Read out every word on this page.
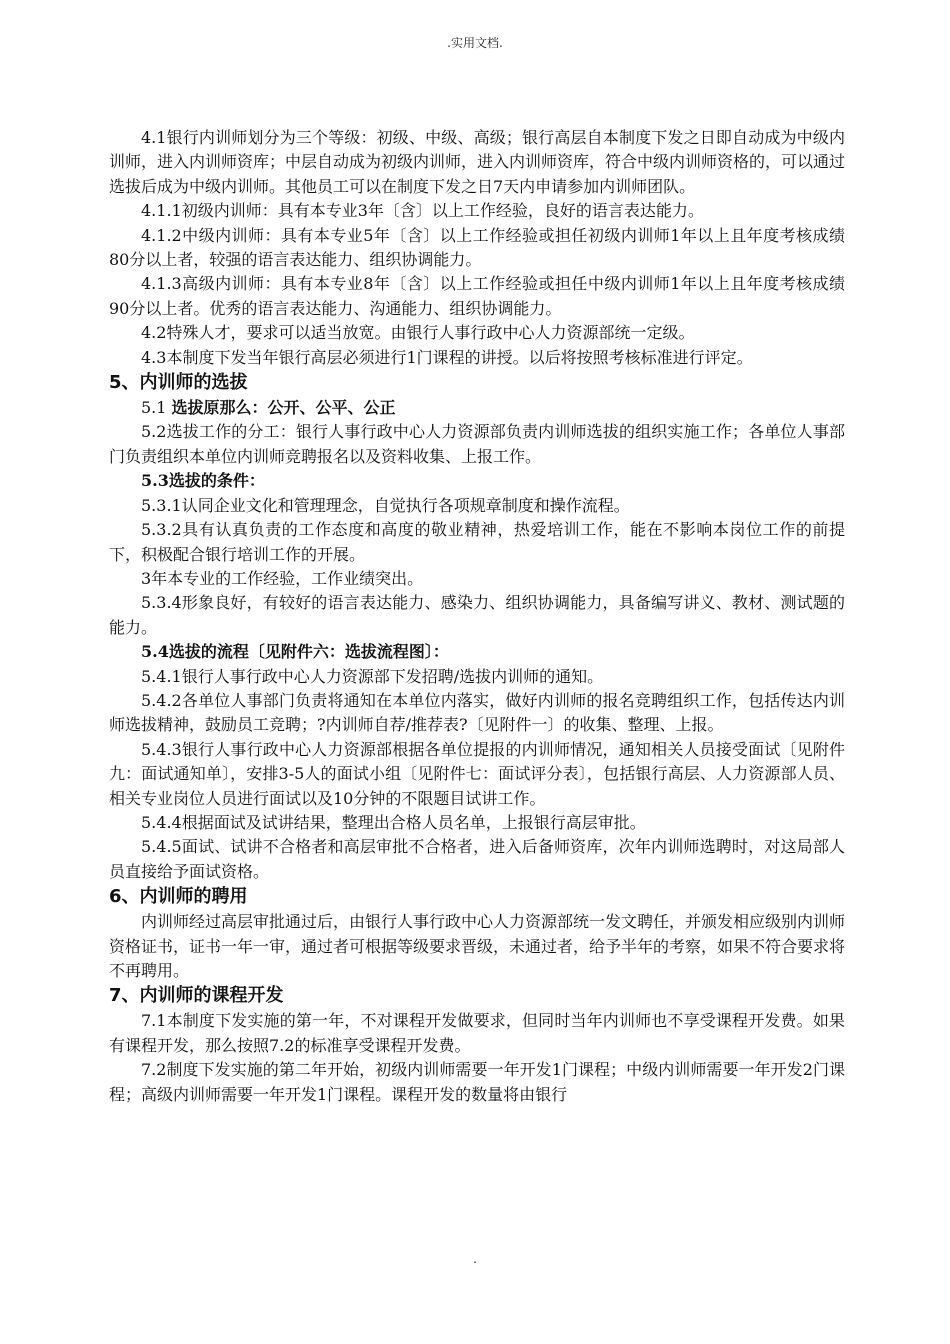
.实用文档.

4.1银行内训师划分为三个等级：初级、中级、高级；银行高层自本制度下发之日即自动成为中级内训师，进入内训师资库；中层自动成为初级内训师，进入内训师资库，符合中级内训师资格的，可以通过选拔后成为中级内训师。其他员工可以在制度下发之日7天内申请参加内训师团队。

4.1.1初级内训师：具有本专业3年〔含〕以上工作经验，良好的语言表达能力。

4.1.2中级内训师：具有本专业5年〔含〕以上工作经验或担任初级内训师1年以上且年度考核成绩80分以上者，较强的语言表达能力、组织协调能力。

4.1.3高级内训师：具有本专业8年〔含〕以上工作经验或担任中级内训师1年以上且年度考核成绩90分以上者。优秀的语言表达能力、沟通能力、组织协调能力。

4.2特殊人才，要求可以适当放宽。由银行人事行政中心人力资源部统一定级。

4.3本制度下发当年银行高层必须进行1门课程的讲授。以后将按照考核标准进行评定。

5、内训师的选拔

5.1 选拔原那么：公开、公平、公正

5.2选拔工作的分工：银行人事行政中心人力资源部负责内训师选拔的组织实施工作；各单位人事部门负责组织本单位内训师竞聘报名以及资料收集、上报工作。

5.3选拔的条件：

5.3.1认同企业文化和管理理念，自觉执行各项规章制度和操作流程。

5.3.2具有认真负责的工作态度和高度的敬业精神，热爱培训工作，能在不影响本岗位工作的前提下，积极配合银行培训工作的开展。

3年本专业的工作经验，工作业绩突出。

5.3.4形象良好，有较好的语言表达能力、感染力、组织协调能力，具备编写讲义、教材、测试题的能力。

5.4选拔的流程〔见附件六：选拔流程图〕：

5.4.1银行人事行政中心人力资源部下发招聘/选拔内训师的通知。

5.4.2各单位人事部门负责将通知在本单位内落实，做好内训师的报名竞聘组织工作，包括传达内训师选拔精神，鼓励员工竞聘；?内训师自荐/推荐表?〔见附件一〕的收集、整理、上报。

5.4.3银行人事行政中心人力资源部根据各单位提报的内训师情况，通知相关人员接受面试〔见附件九：面试通知单〕，安排3-5人的面试小组〔见附件七：面试评分表〕，包括银行高层、人力资源部人员、相关专业岗位人员进行面试以及10分钟的不限题目试讲工作。

5.4.4根据面试及试讲结果，整理出合格人员名单，上报银行高层审批。

5.4.5面试、试讲不合格者和高层审批不合格者，进入后备师资库，次年内训师选聘时，对这局部人员直接给予面试资格。

6、内训师的聘用

内训师经过高层审批通过后，由银行人事行政中心人力资源部统一发文聘任，并颁发相应级别内训师资格证书，证书一年一审，通过者可根据等级要求晋级，未通过者，给予半年的考察，如果不符合要求将不再聘用。

7、内训师的课程开发

7.1本制度下发实施的第一年，不对课程开发做要求，但同时当年内训师也不享受课程开发费。如果有课程开发，那么按照7.2的标准享受课程开发费。

7.2制度下发实施的第二年开始，初级内训师需要一年开发1门课程；中级内训师需要一年开发2门课程；高级内训师需要一年开发1门课程。课程开发的数量将由银行

.
